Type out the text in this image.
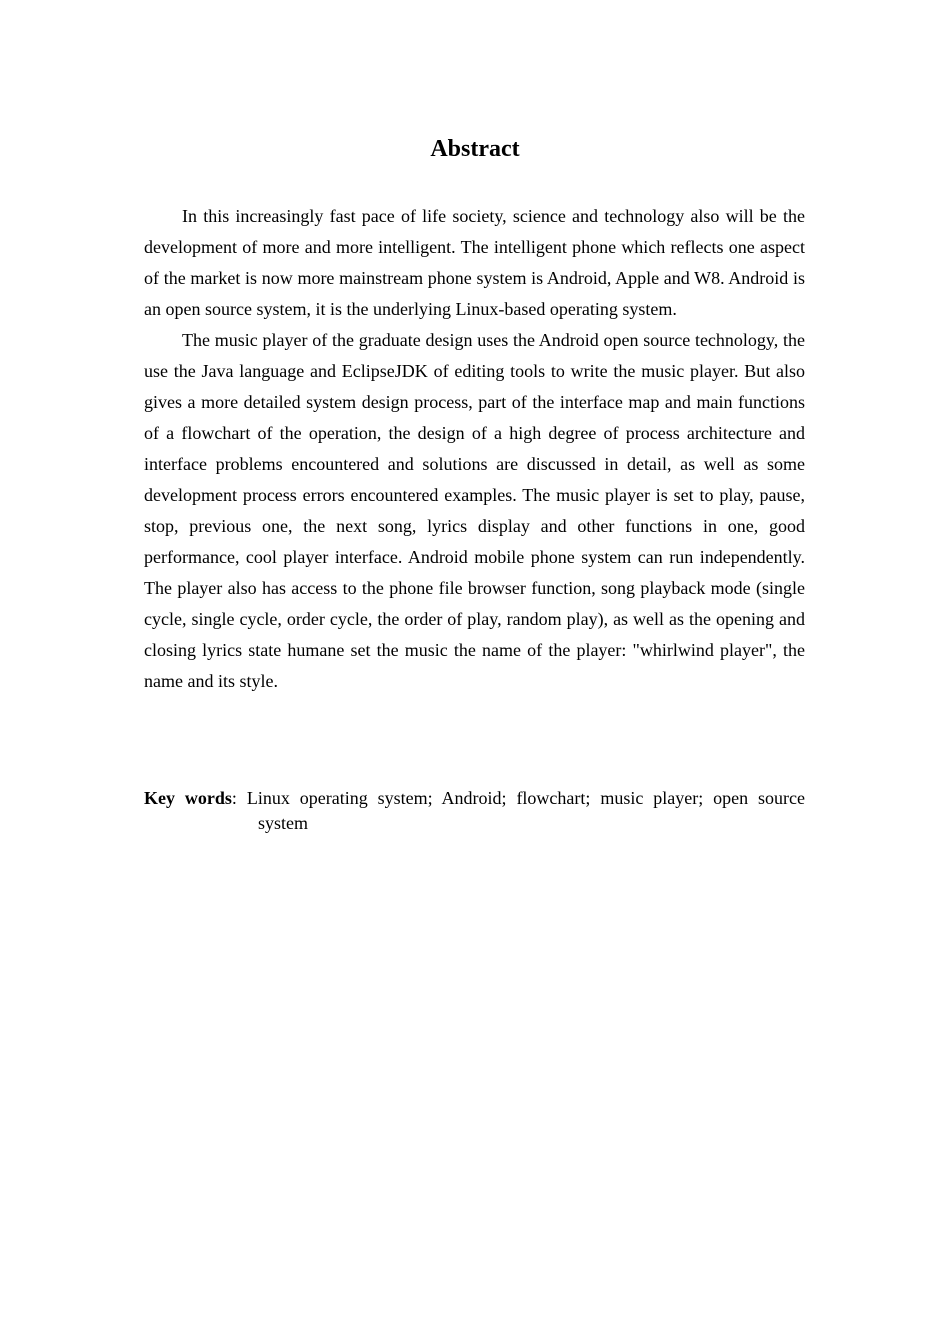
Abstract

In this increasingly fast pace of life society, science and technology also will be the development of more and more intelligent. The intelligent phone which reflects one aspect of the market is now more mainstream phone system is Android, Apple and W8. Android is an open source system, it is the underlying Linux-based operating system.

The music player of the graduate design uses the Android open source technology, the use the Java language and EclipseJDK of editing tools to write the music player. But also gives a more detailed system design process, part of the interface map and main functions of a flowchart of the operation, the design of a high degree of process architecture and interface problems encountered and solutions are discussed in detail, as well as some development process errors encountered examples. The music player is set to play, pause, stop, previous one, the next song, lyrics display and other functions in one, good performance, cool player interface. Android mobile phone system can run independently. The player also has access to the phone file browser function, song playback mode (single cycle, single cycle, order cycle, the order of play, random play), as well as the opening and closing lyrics state humane set the music the name of the player: "whirlwind player", the name and its style.

Key words: Linux operating system; Android; flowchart; music player; open source system
